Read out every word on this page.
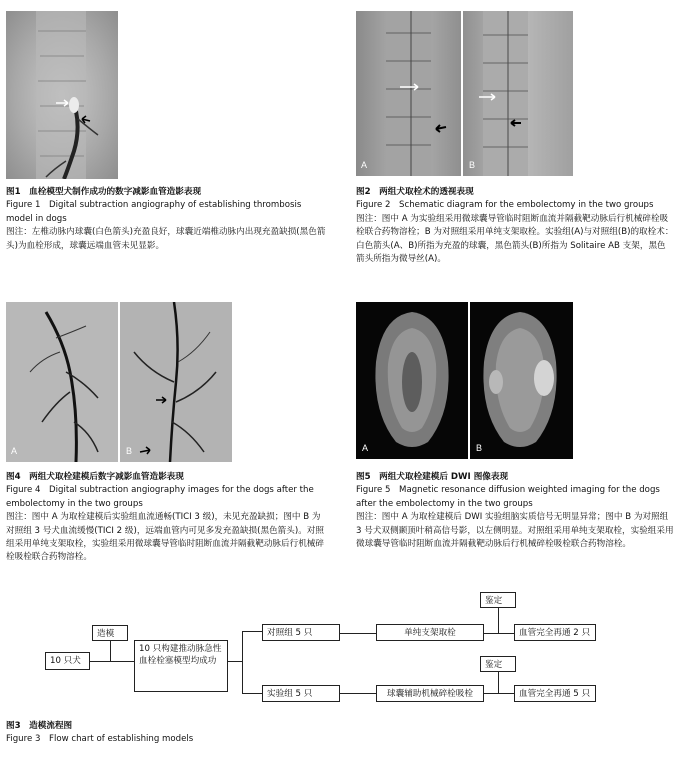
A	B
图1　血栓模型犬制作成功的数字减影血管造影表现
Figure 1　Digital subtraction angiography of establishing thrombosis model in dogs
图注：左椎动脉内球囊(白色箭头)充盈良好，球囊近端椎动脉内出现充盈缺损(黑色箭头)为血栓形成，球囊远端血管未见显影。
图2　两组犬取栓术的透视表现
Figure 2　Schematic diagram for the embolectomy in the two groups
图注：图中 A 为实验组采用微球囊导管临时阻断血流并隔截靶动脉后行机械碎栓吸栓联合药物溶栓；B 为对照组采用单纯支架取栓。实验组(A)与对照组(B)的取栓术：白色箭头(A、B)所指为充盈的球囊，黑色箭头(B)所指为 Solitaire AB 支架，黑色箭头所指为微导丝(A)。
A	B	A	B
图4　两组犬取栓建模后数字减影血管造影表现
Figure 4　Digital subtraction angiography images for the dogs after the embolectomy in the two groups
图注：图中 A 为取栓建模后实验组血流通畅(TICI 3 级)，未见充盈缺损；图中 B 为对照组 3 号犬血流缓慢(TICI 2 级)，远端血管内可见多发充盈缺损(黑色箭头)。对照组采用单纯支架取栓，实验组采用微球囊导管临时阻断血流并隔截靶动脉后行机械碎栓吸栓联合药物溶栓。
图5　两组犬取栓建模后 DWI 图像表现
Figure 5　Magnetic resonance diffusion weighted imaging for the dogs after the embolectomy in the two groups
图注：图中 A 为取栓建模后 DWI 实验组脑实质信号无明显异常；图中 B 为对照组 3 号犬双侧颞顶叶稍高信号影，以左侧明显。对照组采用单纯支架取栓，实验组采用微球囊导管临时阻断血流并隔截靶动脉后行机械碎栓吸栓联合药物溶栓。
10 只犬
造模
10 只构建推动脉急性血栓栓塞模型均成功
对照组 5 只
实验组 5 只
单纯支架取栓
球囊辅助机械碎栓吸栓
鉴定
鉴定
血管完全再通 2 只
血管完全再通 5 只
图3　造模流程图
Figure 3　Flow chart of establishing models
